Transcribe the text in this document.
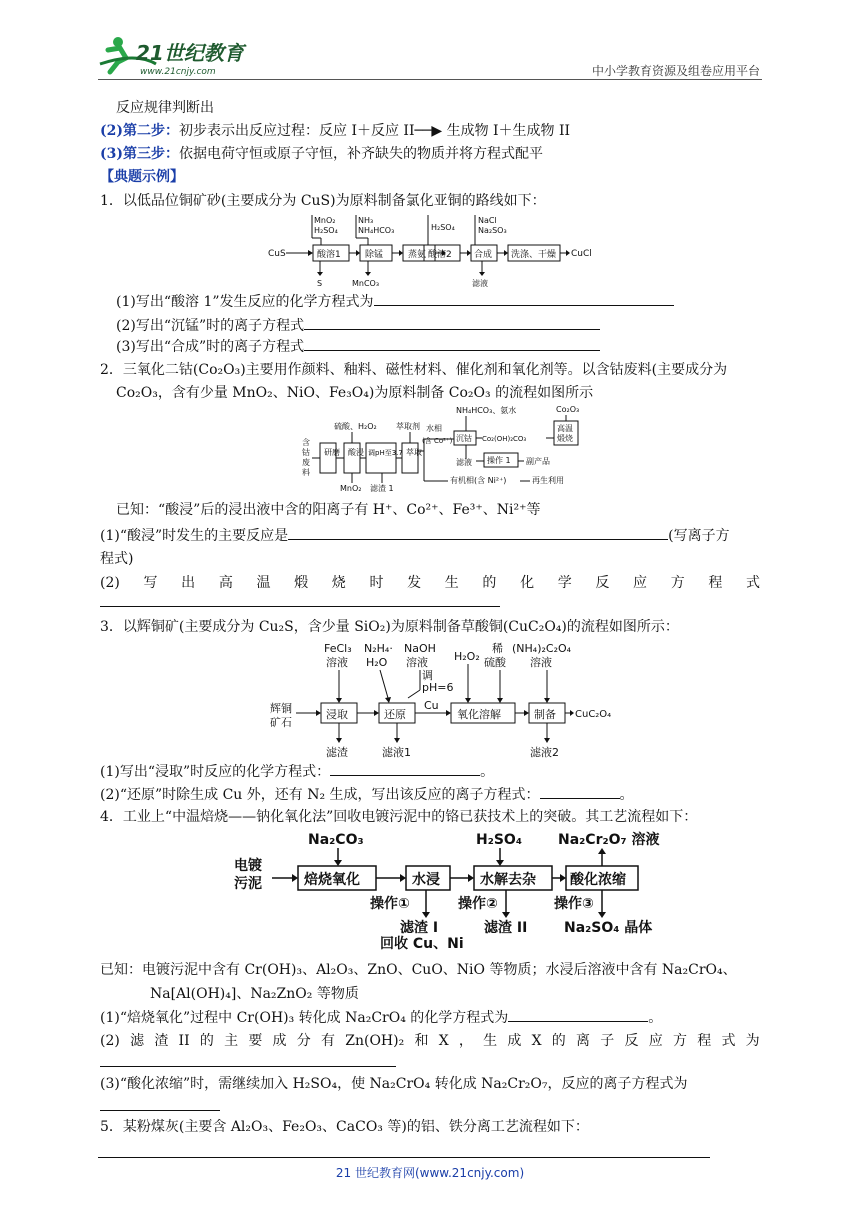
21世纪教育
www.21cnjy.com	中小学教育资源及组卷应用平台
反应规律判断出
(2)第二步：初步表示出反应过程：反应 I＋反应 II──▶ 生成物 I＋生成物 II
(3)第三步：依据电荷守恒或原子守恒，补齐缺失的物质并将方程式配平
【典题示例】
1．以低品位铜矿砂(主要成分为 CuS)为原料制备氯化亚铜的路线如下：
CuS	酸溶1	除锰	蒸氨 酸溶2 合成 洗涤、干燥 CuCl
MnO₂
H₂SO₄
NH₃
NH₄HCO₃	H₂SO₄
NaCl
Na₂SO₃
S	MnCO₃	滤液
(1)写出“酸溶 1”发生反应的化学方程式为
(2)写出“沉锰”时的离子方程式
(3)写出“合成”时的离子方程式
2．三氧化二钴(Co₂O₃)主要用作颜料、釉料、磁性材料、催化剂和氧化剂等。以含钴废料(主要成分为
Co₂O₃，含有少量 MnO₂、NiO、Fe₃O₄)为原料制备 Co₂O₃ 的流程如图所示
含
钴
废
料
研磨 酸浸 调pH至3.7 萃取
硫酸、H₂O₂ 萃取剂
MnO₂ 滤渣 1
水相
(含 Co²⁺)
有机相(含 Ni²⁺)	再生利用
NH₄HCO₃、氨水
沉钴 Co₂(OH)₂CO₃
高温
煅烧
Co₂O₃
滤液 操作 1 副产品
已知：“酸浸”后的浸出液中含的阳离子有 H⁺、Co²⁺、Fe³⁺、Ni²⁺等
(1)“酸浸”时发生的主要反应是	(写离子方
程式)
(2) 写 出 高 温 煅 烧 时 发 生 的 化 学 反 应 方 程 式
3．以辉铜矿(主要成分为 Cu₂S，含少量 SiO₂)为原料制备草酸铜(CuC₂O₄)的流程如图所示：
辉铜
矿石
浸取	还原
Cu
氧化溶解	制备 CuC₂O₄
FeCl₃
溶液
N₂H₄·
H₂O
NaOH
溶液
调
pH=6
H₂O₂
稀
硫酸
(NH₄)₂C₂O₄
溶液
滤渣	滤液1	滤液2
(1)写出“浸取”时反应的化学方程式：	。
(2)“还原”时除生成 Cu 外，还有 N₂ 生成，写出该反应的离子方程式：	。
4．工业上“中温焙烧——钠化氧化法”回收电镀污泥中的铬已获技术上的突破。其工艺流程如下：
电镀
污泥	焙烧氧化	水浸	水解去杂 酸化浓缩
Na₂CO₃	H₂SO₄	Na₂Cr₂O₇ 溶液
操作①
滤渣 I
回收 Cu、Ni
操作②
滤渣 II
操作③
Na₂SO₄ 晶体
已知：电镀污泥中含有 Cr(OH)₃、Al₂O₃、ZnO、CuO、NiO 等物质；水浸后溶液中含有 Na₂CrO₄、
Na[Al(OH)₄]、Na₂ZnO₂ 等物质
(1)“焙烧氧化”过程中 Cr(OH)₃ 转化成 Na₂CrO₄ 的化学方程式为	。
(2) 滤 渣 II 的 主 要 成 分 有 Zn(OH)₂ 和 X ， 生 成 X 的 离 子 反 应 方 程 式 为
(3)“酸化浓缩”时，需继续加入 H₂SO₄，使 Na₂CrO₄ 转化成 Na₂Cr₂O₇，反应的离子方程式为
5．某粉煤灰(主要含 Al₂O₃、Fe₂O₃、CaCO₃ 等)的铝、铁分离工艺流程如下：
21 世纪教育网(www.21cnjy.com)
